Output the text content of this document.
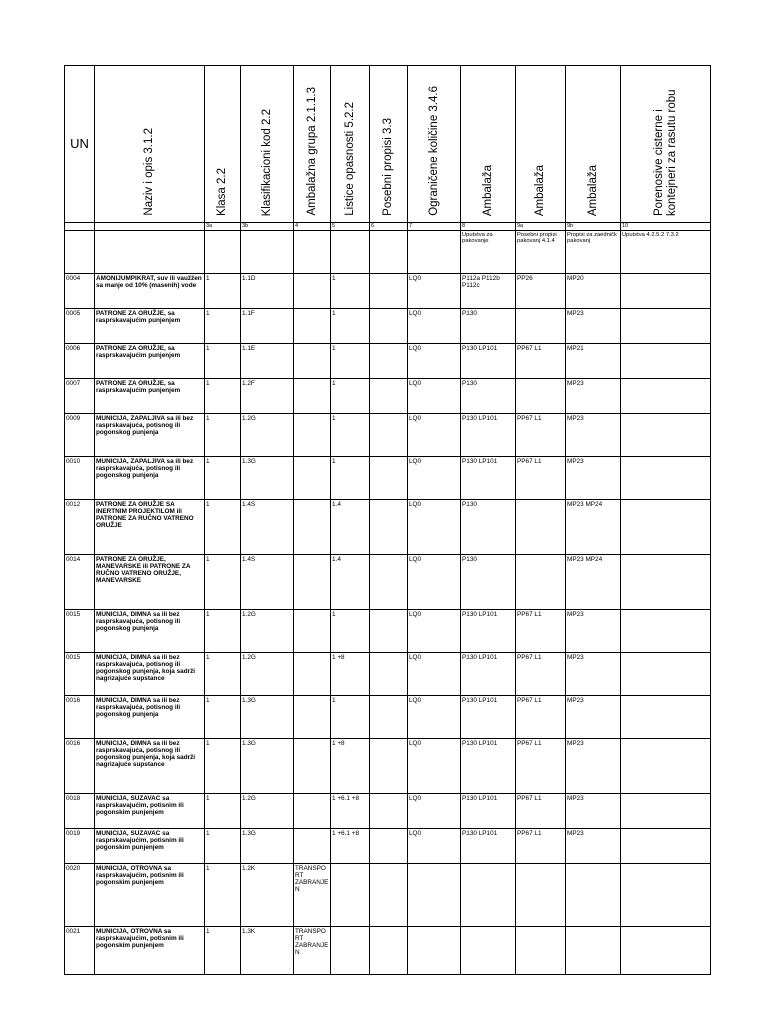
UN	Naziv i opis 3.1.2	Klasa 2.2	Klasifikacioni kod 2.2	Ambalažna grupa 2.1.1.3	Listice opasnosti 5.2.2	Posebni propisi 3.3	Ograničene količine 3.4.6	Ambalaža	Ambalaža	Ambalaža	Porenosive cisterne i kontejneri za rasutu robu
		3a	3b	4	5	6	7	8	9a	9b	10
								Uputstva za pakovanje	Posebni propisi pakovanj 4.1.4	Propisi za zaedničk pakovanj	Uputstva 4.2.5.2 7.3.2
0004	AMONIJUMPIKRAT, suv ili vaužžen sa manje od 10% (masenih) vode	1	1.1D		1		LQ0	P112a P112b P112c	PP26	MP20	
0005	PATRONE ZA ORUŽJE, sa rasprskavajućim punjenjem	1	1.1F		1		LQ0	P130		MP23	
0006	PATRONE ZA ORUŽJE, sa rasprskavajućim punjenjem	1	1.1E		1		LQ0	P130 LP101	PP67 L1	MP21	
0007	PATRONE ZA ORUŽJE, sa rasprskavajućim punjenjem	1	1.2F		1		LQ0	P130		MP23	
0009	MUNICIJA, ZAPALJIVA sa ili bez rasprskavajuća, potisnog ili pogonskog punjenja	1	1.2G		1		LQ0	P130 LP101	PP67 L1	MP23	
0010	MUNICIJA, ZAPALJIVA sa ili bez rasprskavajuća, potisnog ili pogonskog punjenja	1	1.3G		1		LQ0	P130 LP101	PP67 L1	MP23	
0012	PATRONE ZA ORUŽJE SA INERTNIM PROJEKTILOM ili PATRONE ZA RUČNO VATRENO ORUŽJE	1	1.4S		1.4		LQ0	P130		MP23 MP24	
0014	PATRONE ZA ORUŽJE, MANEVARSKE ili PATRONE ZA RUČNO VATRENO ORUŽJE, MANEVARSKE	1	1.4S		1.4		LQ0	P130		MP23 MP24	
0015	MUNICIJA, DIMNA sa ili bez rasprskavajuća, potisnog ili pogonskog punjenja	1	1.2G		1		LQ0	P130 LP101	PP67 L1	MP23	
0015	MUNICIJA, DIMNA sa ili bez rasprskavajuća, potisnog ili pogonskog punjenja, koja sadrži nagrizajuće supstance	1	1.2G		1 +8		LQ0	P130 LP101	PP67 L1	MP23	
0016	MUNICIJA, DIMNA sa ili bez rasprskavajuća, potisnog ili pogonskog punjenja	1	1.3G		1		LQ0	P130 LP101	PP67 L1	MP23	
0016	MUNICIJA, DIMNA sa ili bez rasprskavajuća, potisnog ili pogonskog punjenja, koja sadrži nagrizajuće supstance	1	1.3G		1 +8		LQ0	P130 LP101	PP67 L1	MP23	
0018	MUNICIJA, SUZAVAC sa rasprskavajućim, potisnim ili pogonskim punjenjem	1	1.2G		1 +6.1 +8		LQ0	P130 LP101	PP67 L1	MP23	
0019	MUNICIJA, SUZAVAC sa rasprskavajućim, potisnim ili pogonskim punjenjem	1	1.3G		1 +6.1 +8		LQ0	P130 LP101	PP67 L1	MP23	
0020	MUNICIJA, OTROVNA sa rasprskavajućim, potisnim ili pogonskim punjenjem	1	1.2K	TRANSPORT ZABRANJEN							
0021	MUNICIJA, OTROVNA sa rasprskavajućim, potisnim ili pogonskim punjenjem	1	1.3K	TRANSPORT ZABRANJEN							
